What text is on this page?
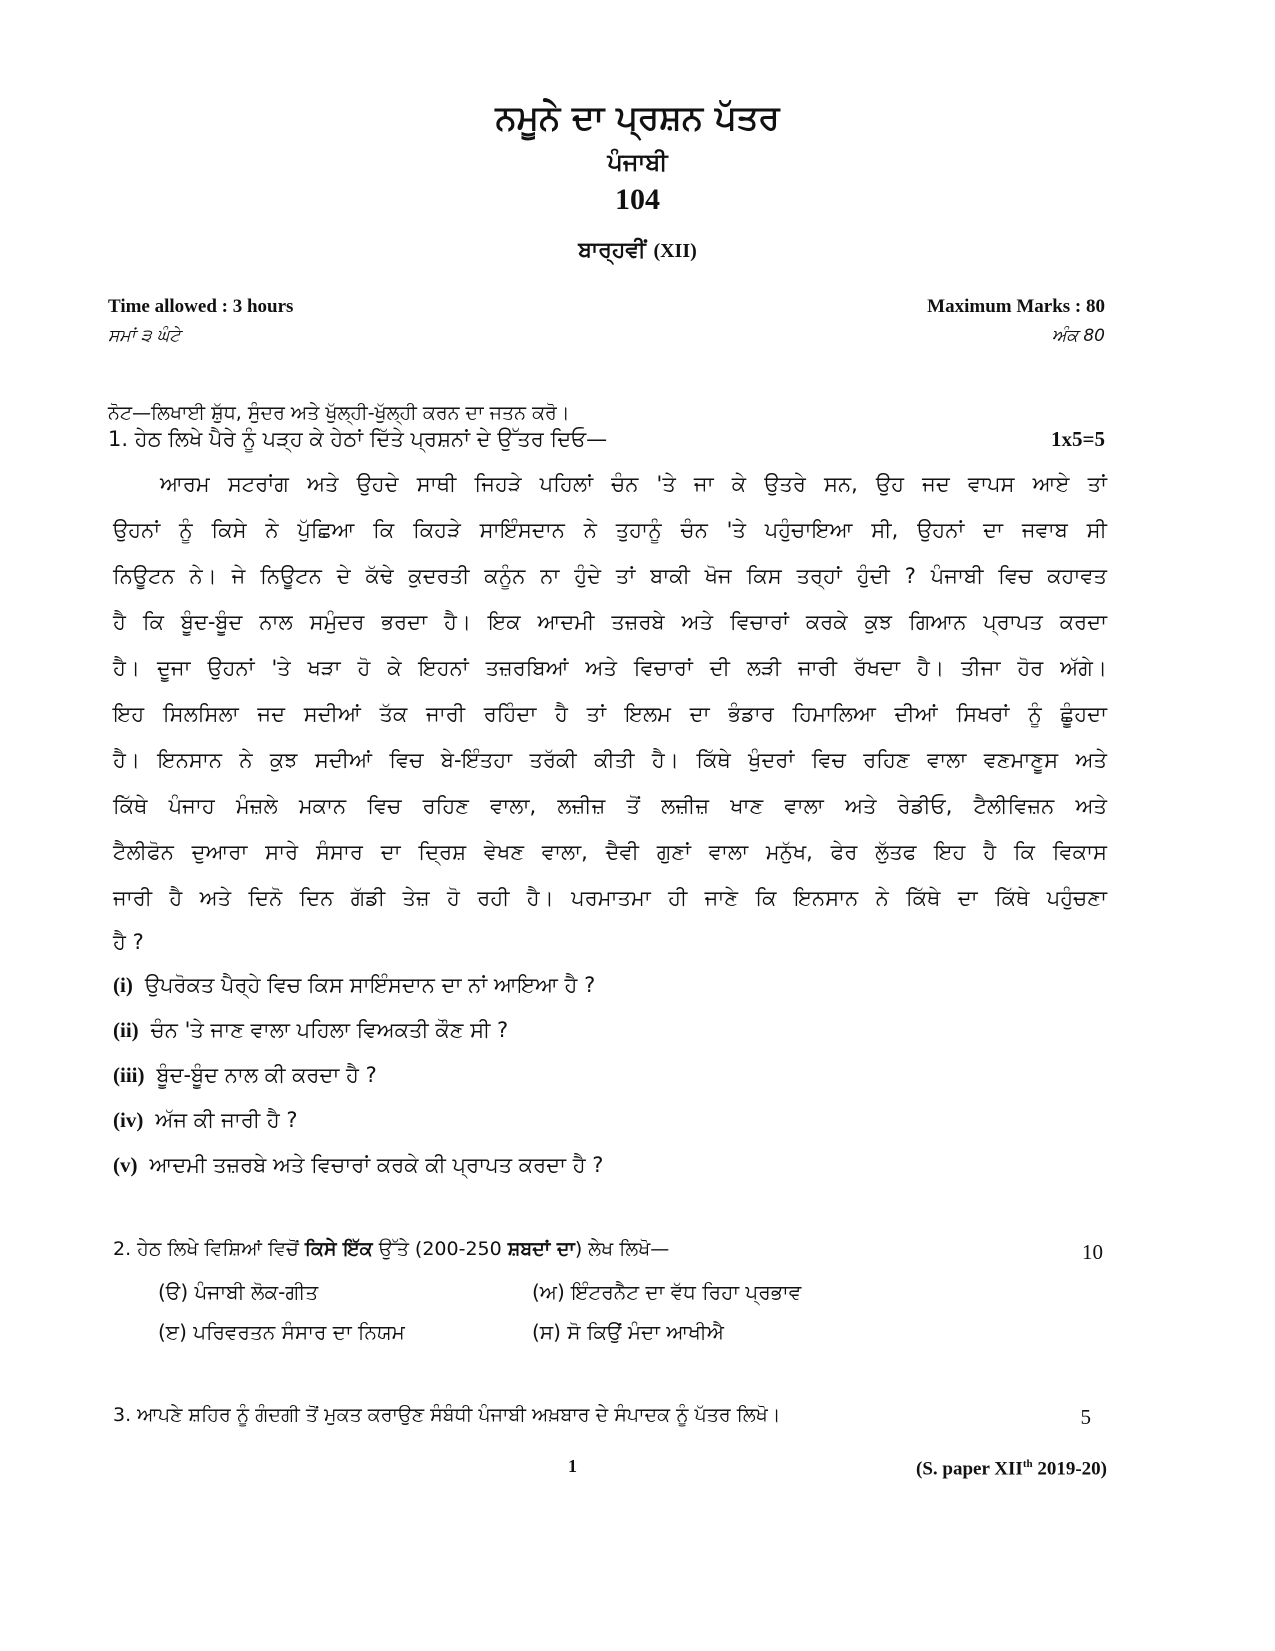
ਨਮੂਨੇ ਦਾ ਪ੍ਰਸ਼ਨ ਪੱਤਰ
ਪੰਜਾਬੀ
104
ਬਾਰ੍ਹਵੀਂ (XII)
Time allowed : 3 hours
ਸਮਾਂ ੩ ਘੰਟੇ
Maximum Marks : 80
ਅੰਕ 80
ਨੋਟ—ਲਿਖਾਈ ਸ਼ੁੱਧ, ਸੁੰਦਰ ਅਤੇ ਖੁੱਲ੍ਹੀ-ਖੁੱਲ੍ਹੀ ਕਰਨ ਦਾ ਜਤਨ ਕਰੋ।
1. ਹੇਠ ਲਿਖੇ ਪੈਰੇ ਨੂੰ ਪੜ੍ਹ ਕੇ ਹੇਠਾਂ ਦਿੱਤੇ ਪ੍ਰਸ਼ਨਾਂ ਦੇ ਉੱਤਰ ਦਿਓ—	1x5=5
ਆਰਮ ਸਟਰਾਂਗ ਅਤੇ ਉਹਦੇ ਸਾਥੀ ਜਿਹੜੇ ਪਹਿਲਾਂ ਚੰਨ 'ਤੇ ਜਾ ਕੇ ਉਤਰੇ ਸਨ, ਉਹ ਜਦ ਵਾਪਸ ਆਏ ਤਾਂ
ਉਹਨਾਂ ਨੂੰ ਕਿਸੇ ਨੇ ਪੁੱਛਿਆ ਕਿ ਕਿਹੜੇ ਸਾਇੰਸਦਾਨ ਨੇ ਤੁਹਾਨੂੰ ਚੰਨ 'ਤੇ ਪਹੁੰਚਾਇਆ ਸੀ, ਉਹਨਾਂ ਦਾ ਜਵਾਬ ਸੀ
ਨਿਊਟਨ ਨੇ। ਜੇ ਨਿਊਟਨ ਦੇ ਕੱਢੇ ਕੁਦਰਤੀ ਕਨੂੰਨ ਨਾ ਹੁੰਦੇ ਤਾਂ ਬਾਕੀ ਖੋਜ ਕਿਸ ਤਰ੍ਹਾਂ ਹੁੰਦੀ ? ਪੰਜਾਬੀ ਵਿਚ ਕਹਾਵਤ
ਹੈ ਕਿ ਬੂੰਦ-ਬੂੰਦ ਨਾਲ ਸਮੁੰਦਰ ਭਰਦਾ ਹੈ। ਇਕ ਆਦਮੀ ਤਜ਼ਰਬੇ ਅਤੇ ਵਿਚਾਰਾਂ ਕਰਕੇ ਕੁਝ ਗਿਆਨ ਪ੍ਰਾਪਤ ਕਰਦਾ
ਹੈ। ਦੂਜਾ ਉਹਨਾਂ 'ਤੇ ਖੜਾ ਹੋ ਕੇ ਇਹਨਾਂ ਤਜ਼ਰਬਿਆਂ ਅਤੇ ਵਿਚਾਰਾਂ ਦੀ ਲੜੀ ਜਾਰੀ ਰੱਖਦਾ ਹੈ। ਤੀਜਾ ਹੋਰ ਅੱਗੇ।
ਇਹ ਸਿਲਸਿਲਾ ਜਦ ਸਦੀਆਂ ਤੱਕ ਜਾਰੀ ਰਹਿੰਦਾ ਹੈ ਤਾਂ ਇਲਮ ਦਾ ਭੰਡਾਰ ਹਿਮਾਲਿਆ ਦੀਆਂ ਸਿਖਰਾਂ ਨੂੰ ਛੂੰਹਦਾ
ਹੈ। ਇਨਸਾਨ ਨੇ ਕੁਝ ਸਦੀਆਂ ਵਿਚ ਬੇ-ਇੰਤਹਾ ਤਰੱਕੀ ਕੀਤੀ ਹੈ। ਕਿੱਥੇ ਖੁੰਦਰਾਂ ਵਿਚ ਰਹਿਣ ਵਾਲਾ ਵਣਮਾਣੂਸ ਅਤੇ
ਕਿੱਥੇ ਪੰਜਾਹ ਮੰਜ਼ਲੇ ਮਕਾਨ ਵਿਚ ਰਹਿਣ ਵਾਲਾ, ਲਜ਼ੀਜ਼ ਤੋਂ ਲਜ਼ੀਜ਼ ਖਾਣ ਵਾਲਾ ਅਤੇ ਰੇਡੀਓ, ਟੈਲੀਵਿਜ਼ਨ ਅਤੇ
ਟੈਲੀਫੋਨ ਦੁਆਰਾ ਸਾਰੇ ਸੰਸਾਰ ਦਾ ਦ੍ਰਿਸ਼ ਵੇਖਣ ਵਾਲਾ, ਦੈਵੀ ਗੁਣਾਂ ਵਾਲਾ ਮਨੁੱਖ, ਫੇਰ ਲੁੱਤਫ ਇਹ ਹੈ ਕਿ ਵਿਕਾਸ
ਜਾਰੀ ਹੈ ਅਤੇ ਦਿਨੋ ਦਿਨ ਗੱਡੀ ਤੇਜ਼ ਹੋ ਰਹੀ ਹੈ। ਪਰਮਾਤਮਾ ਹੀ ਜਾਣੇ ਕਿ ਇਨਸਾਨ ਨੇ ਕਿੱਥੇ ਦਾ ਕਿੱਥੇ ਪਹੁੰਚਣਾ
ਹੈ ?
(i) ਉਪਰੋਕਤ ਪੈਰ੍ਹੇ ਵਿਚ ਕਿਸ ਸਾਇੰਸਦਾਨ ਦਾ ਨਾਂ ਆਇਆ ਹੈ ?
(ii) ਚੰਨ 'ਤੇ ਜਾਣ ਵਾਲਾ ਪਹਿਲਾ ਵਿਅਕਤੀ ਕੌਣ ਸੀ ?
(iii) ਬੂੰਦ-ਬੂੰਦ ਨਾਲ ਕੀ ਕਰਦਾ ਹੈ ?
(iv) ਅੱਜ ਕੀ ਜਾਰੀ ਹੈ ?
(v) ਆਦਮੀ ਤਜ਼ਰਬੇ ਅਤੇ ਵਿਚਾਰਾਂ ਕਰਕੇ ਕੀ ਪ੍ਰਾਪਤ ਕਰਦਾ ਹੈ ?
2. ਹੇਠ ਲਿਖੇ ਵਿਸ਼ਿਆਂ ਵਿਚੋਂ ਕਿਸੇ ਇੱਕ ਉੱਤੇ (200-250 ਸ਼ਬਦਾਂ ਦਾ) ਲੇਖ ਲਿਖੋ—	10
(ੳ) ਪੰਜਾਬੀ ਲੋਕ-ਗੀਤ	(ਅ) ਇੰਟਰਨੈਟ ਦਾ ਵੱਧ ਰਿਹਾ ਪ੍ਰਭਾਵ
(ੲ) ਪਰਿਵਰਤਨ ਸੰਸਾਰ ਦਾ ਨਿਯਮ	(ਸ) ਸੋ ਕਿਉਂ ਮੰਦਾ ਆਖੀਐ
3. ਆਪਣੇ ਸ਼ਹਿਰ ਨੂੰ ਗੰਦਗੀ ਤੋਂ ਮੁਕਤ ਕਰਾਉਣ ਸੰਬੰਧੀ ਪੰਜਾਬੀ ਅਖ਼ਬਾਰ ਦੇ ਸੰਪਾਦਕ ਨੂੰ ਪੱਤਰ ਲਿਖੋ।	5
1	(S. paper XIIth 2019-20)
